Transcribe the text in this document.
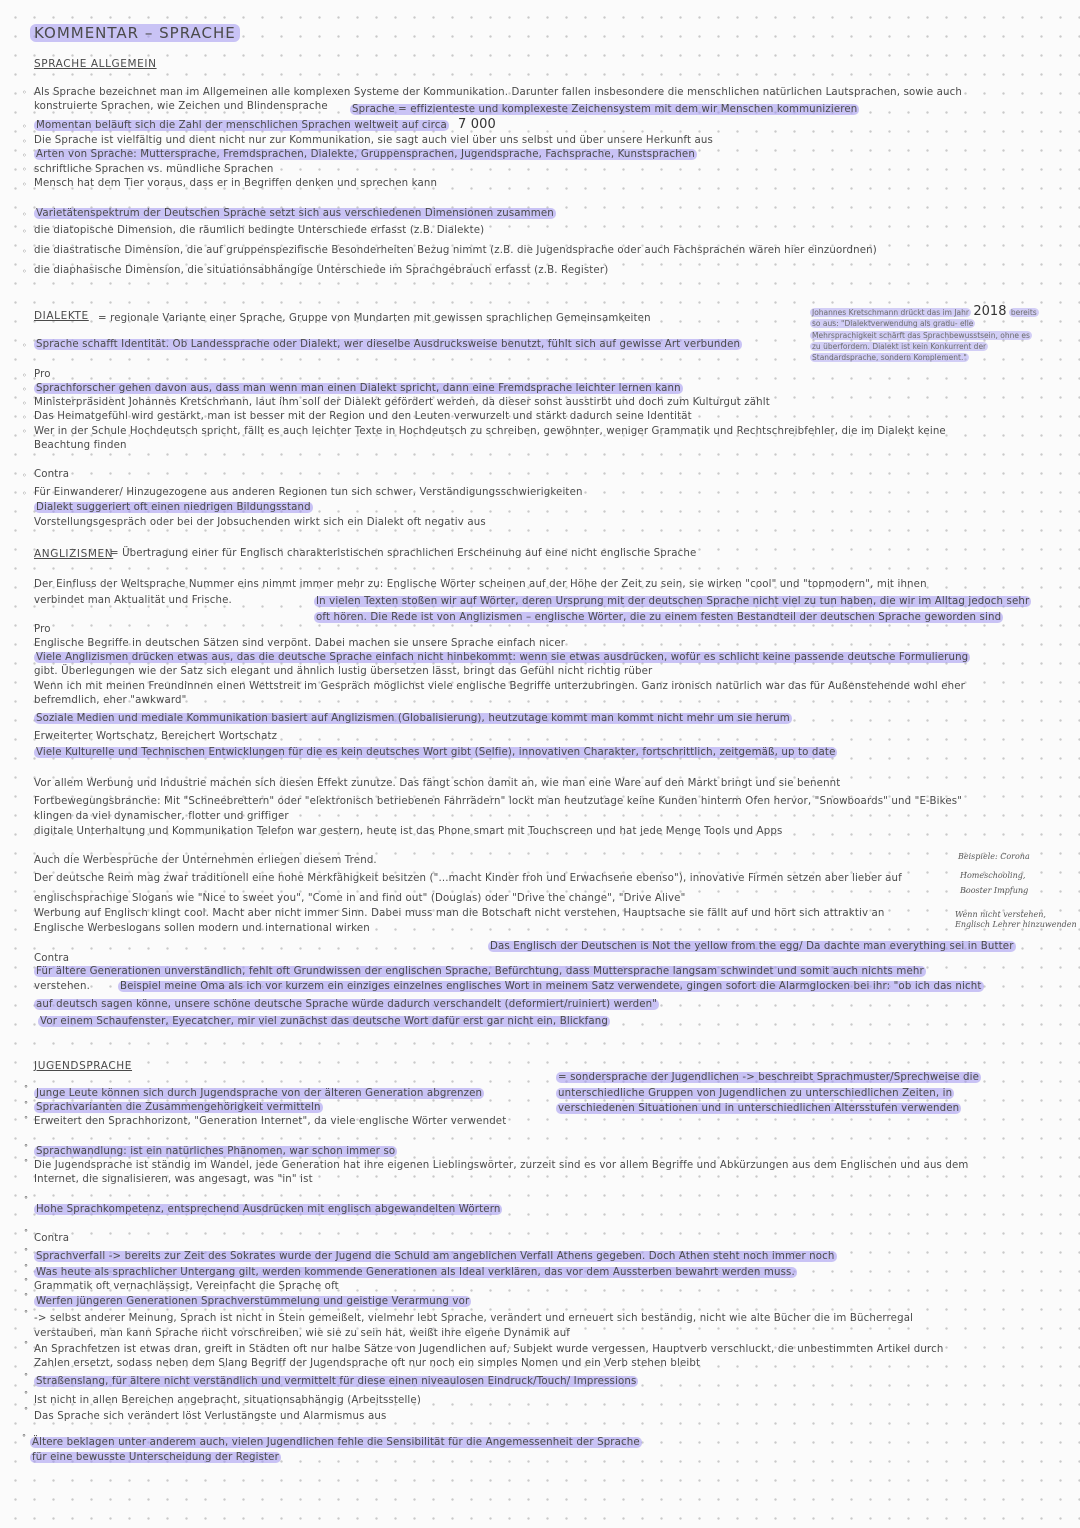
KOMMENTAR – SPRACHE
SPRACHE ALLGEMEIN
◦ Als Sprache bezeichnet man im Allgemeinen alle komplexen Systeme der Kommunikation. Darunter fallen insbesondere die menschlichen natürlichen Lautsprachen, sowie auch
konstruierte Sprachen, wie Zeichen und Blindensprache Sprache = effizienteste und komplexeste Zeichensystem mit dem wir Menschen kommunizieren
◦ Momentan beläuft sich die Zahl der menschlichen Sprachen weltweit auf circa 7 000
◦ Die Sprache ist vielfältig und dient nicht nur zur Kommunikation, sie sagt auch viel über uns selbst und über unsere Herkunft aus
◦ Arten von Sprache: Muttersprache, Fremdsprachen, Dialekte, Gruppensprachen, Jugendsprache, Fachsprache, Kunstsprachen
◦ schriftliche Sprachen vs. mündliche Sprachen
◦ Mensch hat dem Tier voraus, dass er in Begriffen denken und sprechen kann
◦ Varietätenspektrum der Deutschen Sprache setzt sich aus verschiedenen Dimensionen zusammen
◦ die diatopische Dimension, die räumlich bedingte Unterschiede erfasst (z.B. Dialekte)
◦ die diastratische Dimension, die auf gruppenspezifische Besonderheiten Bezug nimmt (z.B. die Jugendsprache oder auch Fachsprachen wären hier einzuordnen)
◦ die diaphasische Dimension, die situationsabhängige Unterschiede im Sprachgebrauch erfasst (z.B. Register)
DIALEKTE = regionale Variante einer Sprache, Gruppe von Mundarten mit gewissen sprachlichen Gemeinsamkeiten
◦ Sprache schafft Identität. Ob Landessprache oder Dialekt, wer dieselbe Ausdrucksweise benutzt, fühlt sich auf gewisse Art verbunden
Johannes Kretschmann drückt das im Jahr 2018 bereits
so aus: "Dialektverwendung als gradu- elle
Mehrsprachigkeit schärft das Sprachbewusstsein, ohne es
zu überfordern. Dialekt ist kein Konkurrent der
Standardsprache, sondern Komplement."
◦ Pro
◦ Sprachforscher gehen davon aus, dass man wenn man einen Dialekt spricht, dann eine Fremdsprache leichter lernen kann
◦ Ministerpräsident Johannes Kretschmann, laut ihm soll der Dialekt gefördert werden, da dieser sonst ausstirbt und doch zum Kulturgut zählt
◦ Das Heimatgefühl wird gestärkt, man ist besser mit der Region und den Leuten verwurzelt und stärkt dadurch seine Identität
◦ Wer in der Schule Hochdeutsch spricht, fällt es auch leichter Texte in Hochdeutsch zu schreiben, gewöhnter, weniger Grammatik und Rechtschreibfehler, die im Dialekt keine
Beachtung finden
◦ Contra
◦ Für Einwanderer/ Hinzugezogene aus anderen Regionen tun sich schwer, Verständigungsschwierigkeiten
Dialekt suggeriert oft einen niedrigen Bildungsstand
Vorstellungsgespräch oder bei der Jobsuchenden wirkt sich ein Dialekt oft negativ aus
ANGLIZISMEN
= Übertragung einer für Englisch charakteristischen sprachlichen Erscheinung auf eine nicht englische Sprache
Der Einfluss der Weltsprache Nummer eins nimmt immer mehr zu: Englische Wörter scheinen auf der Höhe der Zeit zu sein, sie wirken "cool" und "topmodern", mit ihnen
verbindet man Aktualität und Frische.	In vielen Texten stoßen wir auf Wörter, deren Ursprung mit der deutschen Sprache nicht viel zu tun haben, die wir im Alltag jedoch sehr
oft hören. Die Rede ist von Anglizismen – englische Wörter, die zu einem festen Bestandteil der deutschen Sprache geworden sind
Pro
Englische Begriffe in deutschen Sätzen sind verpönt. Dabei machen sie unsere Sprache einfach nicer
Viele Anglizismen drücken etwas aus, das die deutsche Sprache einfach nicht hinbekommt: wenn sie etwas ausdrücken, wofür es schlicht keine passende deutsche Formulierung
gibt. Überlegungen wie der Satz sich elegant und ähnlich lustig übersetzen lässt, bringt das Gefühl nicht richtig rüber
Wenn ich mit meinen Freundinnen einen Wettstreit im Gespräch möglichst viele englische Begriffe unterzubringen. Ganz ironisch natürlich war das für Außenstehende wohl eher
befremdlich, eher "awkward"
Soziale Medien und mediale Kommunikation basiert auf Anglizismen (Globalisierung), heutzutage kommt man kommt nicht mehr um sie herum
Erweiterter Wortschatz, Bereichert Wortschatz
Viele Kulturelle und Technischen Entwicklungen für die es kein deutsches Wort gibt (Selfie), innovativen Charakter, fortschrittlich, zeitgemäß, up to date
Vor allem Werbung und Industrie machen sich diesen Effekt zunutze. Das fängt schon damit an, wie man eine Ware auf den Markt bringt und sie benennt
Fortbewegungsbranche: Mit "Schneebrettern" oder "elektronisch betriebenen Fahrrädern" lockt man heutzutage keine Kunden hinterm Ofen hervor, "Snowboards" und "E-Bikes"
klingen da viel dynamischer, flotter und griffiger
digitale Unterhaltung und Kommunikation Telefon war gestern, heute ist das Phone smart mit Touchscreen und hat jede Menge Tools und Apps
Auch die Werbesprüche der Unternehmen erliegen diesem Trend.
Der deutsche Reim mag zwar traditionell eine hohe Merkfähigkeit besitzen ("...macht Kinder froh und Erwachsene ebenso"), innovative Firmen setzen aber lieber auf
englischsprachige Slogans wie "Nice to sweet you", "Come in and find out" (Douglas) oder "Drive the change", "Drive Alive"
Werbung auf Englisch klingt cool. Macht aber nicht immer Sinn. Dabei muss man die Botschaft nicht verstehen, Hauptsache sie fällt auf und hört sich attraktiv an
Englische Werbeslogans sollen modern und international wirken
Das Englisch der Deutschen is Not the yellow from the egg/ Da dachte man everything sei in Butter
Contra
Für ältere Generationen unverständlich, fehlt oft Grundwissen der englischen Sprache, Befürchtung, dass Muttersprache langsam schwindet und somit auch nichts mehr
verstehen.	Beispiel meine Oma als ich vor kurzem ein einziges einzelnes englisches Wort in meinem Satz verwendete, gingen sofort die Alarmglocken bei ihr: "ob ich das nicht
auf deutsch sagen könne, unsere schöne deutsche Sprache würde dadurch verschandelt (deformiert/ruiniert) werden"
Vor einem Schaufenster, Eyecatcher, mir viel zunächst das deutsche Wort dafür erst gar nicht ein, Blickfang
Beispiele: Corona
Homeschooling,
Booster Impfung
Wenn nicht verstehen,
Englisch Lehrer hinzuwenden
JUGENDSPRACHE
= sondersprache der Jugendlichen -> beschreibt Sprachmuster/Sprechweise die
unterschiedliche Gruppen von Jugendlichen zu unterschiedlichen Zeiten, in
verschiedenen Situationen und in unterschiedlichen Altersstufen verwenden
° Junge Leute können sich durch Jugendsprache von der älteren Generation abgrenzen
° Sprachvarianten die Zusammengehörigkeit vermitteln
° Erweitert den Sprachhorizont, "Generation Internet", da viele englische Wörter verwendet
° Sprachwandlung: ist ein natürliches Phänomen, war schon immer so
° Die Jugendsprache ist ständig im Wandel, jede Generation hat ihre eigenen Lieblingswörter, zurzeit sind es vor allem Begriffe und Abkürzungen aus dem Englischen und aus dem
Internet, die signalisieren, was angesagt, was "in" ist
°
Hohe Sprachkompetenz, entsprechend Ausdrücken mit englisch abgewandelten Wörtern
°
Contra
° Sprachverfall -> bereits zur Zeit des Sokrates wurde der Jugend die Schuld am angeblichen Verfall Athens gegeben. Doch Athen steht noch immer noch
° Was heute als sprachlicher Untergang gilt, werden kommende Generationen als Ideal verklären, das vor dem Aussterben bewahrt werden muss.
° Grammatik oft vernachlässigt, Vereinfacht die Sprache oft
° Werfen jüngeren Generationen Sprachverstümmelung und geistige Verarmung vor
° -> selbst anderer Meinung, Sprach ist nicht in Stein gemeißelt, vielmehr lebt Sprache, verändert und erneuert sich beständig, nicht wie alte Bücher die im Bücherregal
verstauben, man kann Sprache nicht vorschreiben, wie sie zu sein hat, weißt ihre eigene Dynamik auf
° An Sprachfetzen ist etwas dran, greift in Städten oft nur halbe Sätze von Jugendlichen auf, Subjekt wurde vergessen, Hauptverb verschluckt, die unbestimmten Artikel durch
Zahlen ersetzt, sodass neben dem Slang Begriff der Jugendsprache oft nur noch ein simples Nomen und ein Verb stehen bleibt
° Straßenslang, für ältere nicht verständlich und vermittelt für diese einen niveaulosen Eindruck/Touch/ Impressions
°
Ist nicht in allen Bereichen angebracht, situationsabhängig (Arbeitsstelle)
°
Das Sprache sich verändert löst Verlustängste und Alarmismus aus
° Ältere beklagen unter anderem auch, vielen Jugendlichen fehle die Sensibilität für die Angemessenheit der Sprache
für eine bewusste Unterscheidung der Register
